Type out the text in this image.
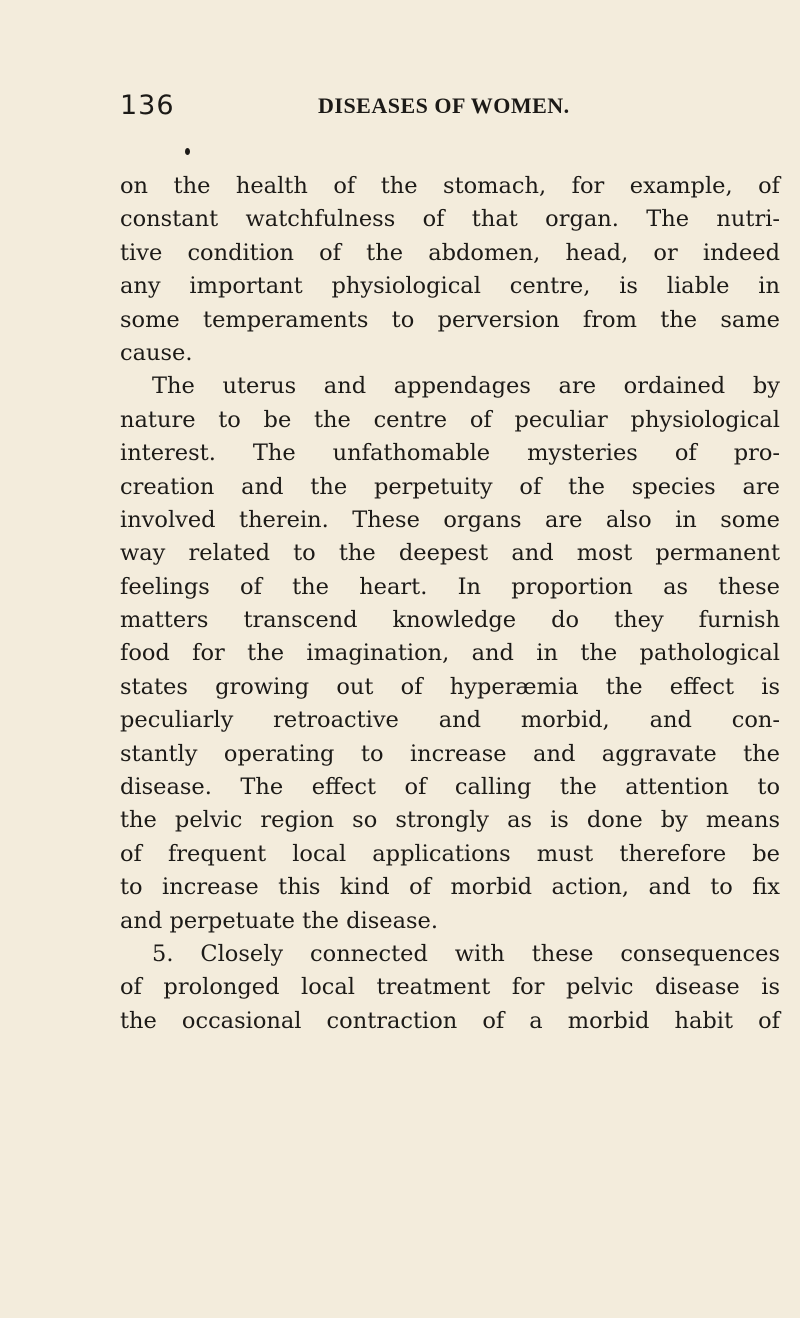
136	DISEASES OF WOMEN.
on the health of the stomach, for example, of
constant watchfulness of that organ. The nutri-
tive condition of the abdomen, head, or indeed
any important physiological centre, is liable in
some temperaments to perversion from the same
cause.
The uterus and appendages are ordained by
nature to be the centre of peculiar physiological
interest. The unfathomable mysteries of pro-
creation and the perpetuity of the species are
involved therein. These organs are also in some
way related to the deepest and most permanent
feelings of the heart. In proportion as these
matters transcend knowledge do they furnish
food for the imagination, and in the pathological
states growing out of hyperæmia the effect is
peculiarly retroactive and morbid, and con-
stantly operating to increase and aggravate the
disease. The effect of calling the attention to
the pelvic region so strongly as is done by means
of frequent local applications must therefore be
to increase this kind of morbid action, and to fix
and perpetuate the disease.
5. Closely connected with these consequences
of prolonged local treatment for pelvic disease is
the occasional contraction of a morbid habit of
